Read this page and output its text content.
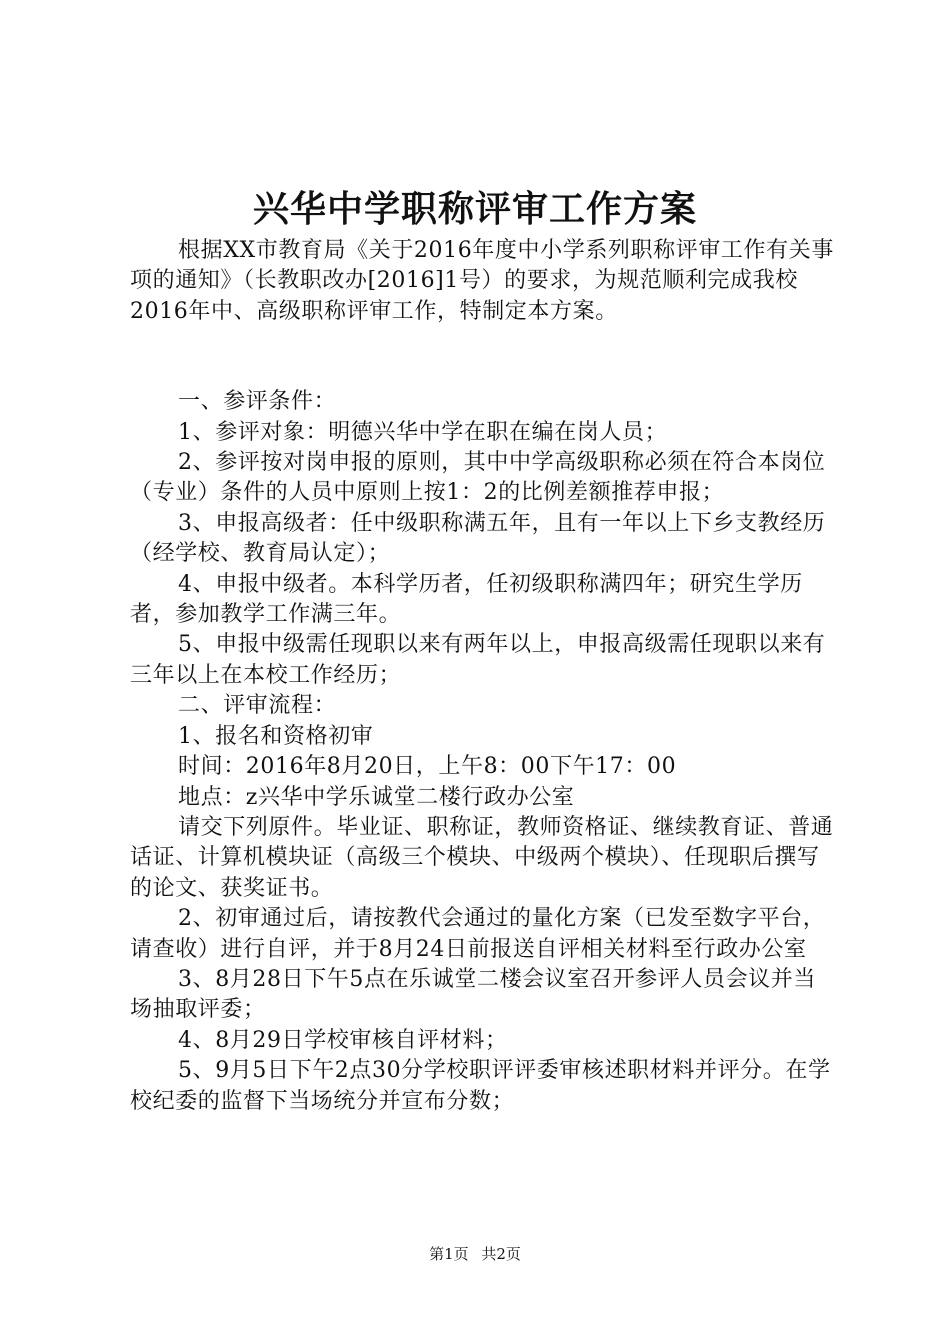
兴华中学职称评审工作方案

根据XX市教育局《关于2016年度中小学系列职称评审工作有关事项的通知》（长教职改办[2016]1号）的要求，为规范顺利完成我校2016年中、高级职称评审工作，特制定本方案。

一、参评条件：

1、参评对象：明德兴华中学在职在编在岗人员；

2、参评按对岗申报的原则，其中中学高级职称必须在符合本岗位（专业）条件的人员中原则上按1：2的比例差额推荐申报；

3、申报高级者：任中级职称满五年，且有一年以上下乡支教经历（经学校、教育局认定）；

4、申报中级者。本科学历者，任初级职称满四年；研究生学历者，参加教学工作满三年。

5、申报中级需任现职以来有两年以上，申报高级需任现职以来有三年以上在本校工作经历；

二、评审流程：

1、报名和资格初审

时间：2016年8月20日，上午8：00下午17：00

地点：z兴华中学乐诚堂二楼行政办公室

请交下列原件。毕业证、职称证，教师资格证、继续教育证、普通话证、计算机模块证（高级三个模块、中级两个模块）、任现职后撰写的论文、获奖证书。

2、初审通过后，请按教代会通过的量化方案（已发至数字平台，请查收）进行自评，并于8月24日前报送自评相关材料至行政办公室

3、8月28日下午5点在乐诚堂二楼会议室召开参评人员会议并当场抽取评委；

4、8月29日学校审核自评材料；

5、9月5日下午2点30分学校职评评委审核述职材料并评分。在学校纪委的监督下当场统分并宣布分数；

第1页 共2页
